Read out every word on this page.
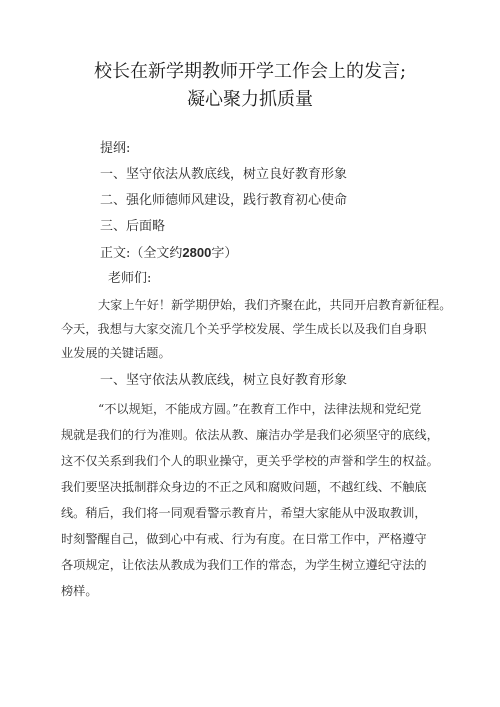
校长在新学期教师开学工作会上的发言;
凝心聚力抓质量
提纲:
一、坚守依法从教底线，树立良好教育形象
二、强化师德师风建设，践行教育初心使命
三、后面略
正文:（全文约2800字）
老师们:
大家上午好！新学期伊始，我们齐聚在此，共同开启教育新征程。
今天，我想与大家交流几个关乎学校发展、学生成长以及我们自身职
业发展的关键话题。
一、坚守依法从教底线，树立良好教育形象
“不以规矩，不能成方圆。”在教育工作中，法律法规和党纪党
规就是我们的行为准则。依法从教、廉洁办学是我们必须坚守的底线，
这不仅关系到我们个人的职业操守，更关乎学校的声誉和学生的权益。
我们要坚决抵制群众身边的不正之风和腐败问题，不越红线、不触底
线。稍后，我们将一同观看警示教育片，希望大家能从中汲取教训，
时刻警醒自己，做到心中有戒、行为有度。在日常工作中，严格遵守
各项规定，让依法从教成为我们工作的常态，为学生树立遵纪守法的
榜样。
